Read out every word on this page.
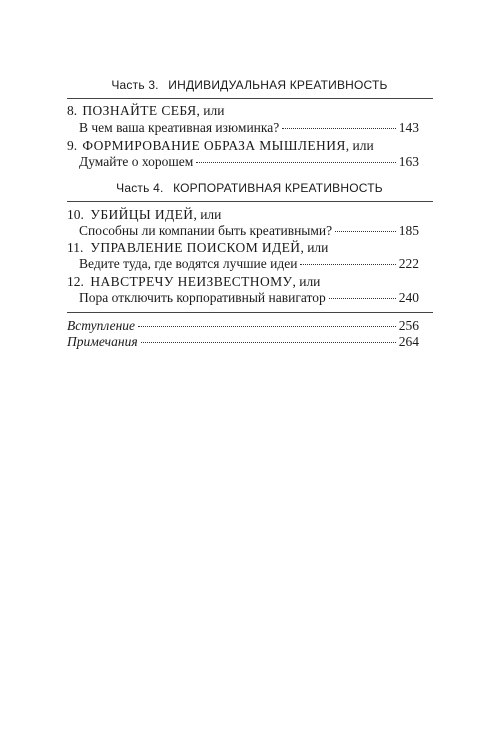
Часть 3. ИНДИВИДУАЛЬНАЯ КРЕАТИВНОСТЬ
8. ПОЗНАЙТЕ СЕБЯ, или
В чем ваша креативная изюминка?	143
9. ФОРМИРОВАНИЕ ОБРАЗА МЫШЛЕНИЯ, или
Думайте о хорошем	163
Часть 4. КОРПОРАТИВНАЯ КРЕАТИВНОСТЬ
10. УБИЙЦЫ ИДЕЙ, или
Способны ли компании быть креативными?	185
11. УПРАВЛЕНИЕ ПОИСКОМ ИДЕЙ, или
Ведите туда, где водятся лучшие идеи	222
12. НАВСТРЕЧУ НЕИЗВЕСТНОМУ, или
Пора отключить корпоративный навигатор	240
Вступление	256
Примечания	264
